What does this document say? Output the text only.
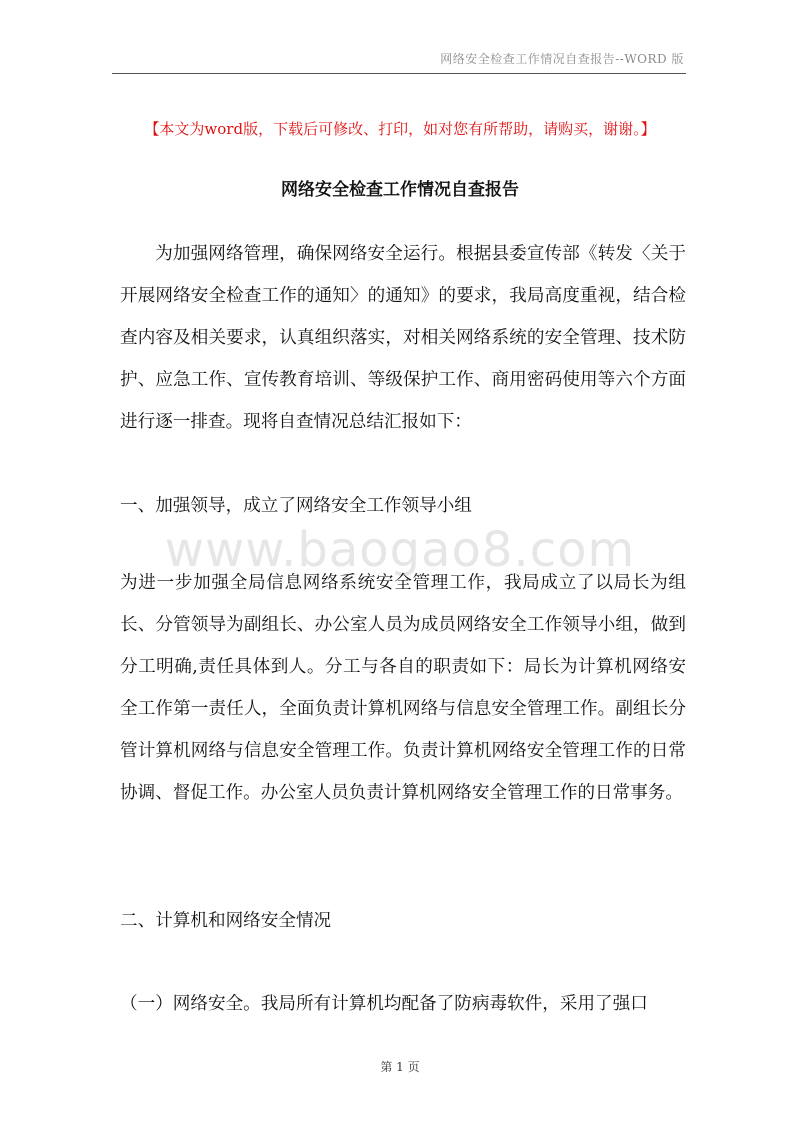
网络安全检查工作情况自查报告--WORD 版
【本文为word版，下载后可修改、打印，如对您有所帮助，请购买，谢谢。】
网络安全检查工作情况自查报告
为加强网络管理，确保网络安全运行。根据县委宣传部《转发〈关于开展网络安全检查工作的通知〉的通知》的要求，我局高度重视，结合检查内容及相关要求，认真组织落实，对相关网络系统的安全管理、技术防护、应急工作、宣传教育培训、等级保护工作、商用密码使用等六个方面进行逐一排查。现将自查情况总结汇报如下：
一、加强领导，成立了网络安全工作领导小组
www.baogao8.com
为进一步加强全局信息网络系统安全管理工作，我局成立了以局长为组长、分管领导为副组长、办公室人员为成员网络安全工作领导小组，做到分工明确,责任具体到人。分工与各自的职责如下：局长为计算机网络安全工作第一责任人，全面负责计算机网络与信息安全管理工作。副组长分管计算机网络与信息安全管理工作。负责计算机网络安全管理工作的日常协调、督促工作。办公室人员负责计算机网络安全管理工作的日常事务。
二、计算机和网络安全情况
（一）网络安全。我局所有计算机均配备了防病毒软件，采用了强口
第 1 页
